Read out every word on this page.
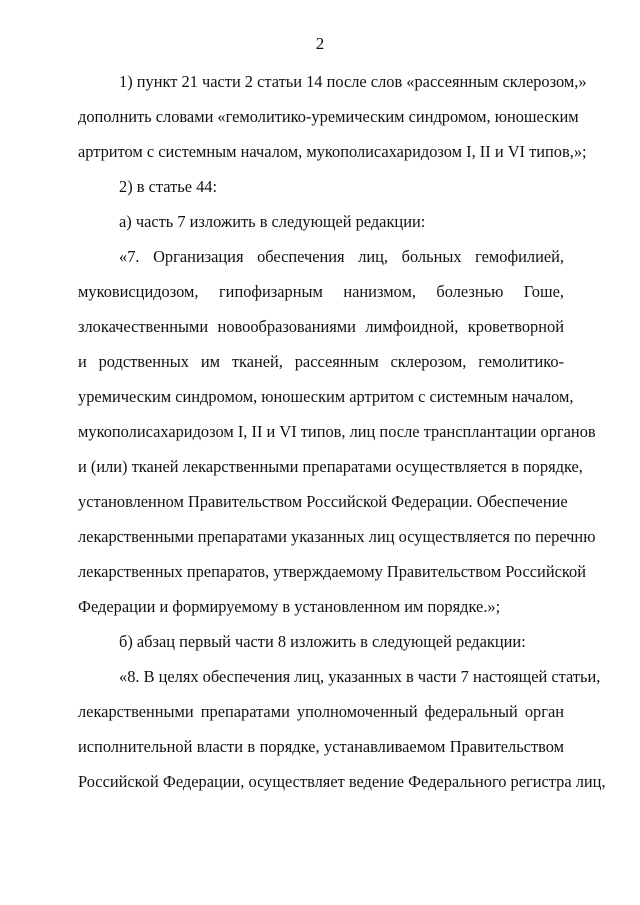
2
1) пункт 21 части 2 статьи 14 после слов «рассеянным склерозом,»
дополнить словами «гемолитико-уремическим синдромом, юношеским
артритом с системным началом, мукополисахаридозом I, II и VI типов,»;
2) в статье 44:
а) часть 7 изложить в следующей редакции:
«7. Организация обеспечения лиц, больных гемофилией,
муковисцидозом, гипофизарным нанизмом, болезнью Гоше,
злокачественными новообразованиями лимфоидной, кроветворной
и родственных им тканей, рассеянным склерозом, гемолитико-
уремическим синдромом, юношеским артритом с системным началом,
мукополисахаридозом I, II и VI типов, лиц после трансплантации органов
и (или) тканей лекарственными препаратами осуществляется в порядке,
установленном Правительством Российской Федерации. Обеспечение
лекарственными препаратами указанных лиц осуществляется по перечню
лекарственных препаратов, утверждаемому Правительством Российской
Федерации и формируемому в установленном им порядке.»;
б) абзац первый части 8 изложить в следующей редакции:
«8. В целях обеспечения лиц, указанных в части 7 настоящей статьи,
лекарственными препаратами уполномоченный федеральный орган
исполнительной власти в порядке, устанавливаемом Правительством
Российской Федерации, осуществляет ведение Федерального регистра лиц,
